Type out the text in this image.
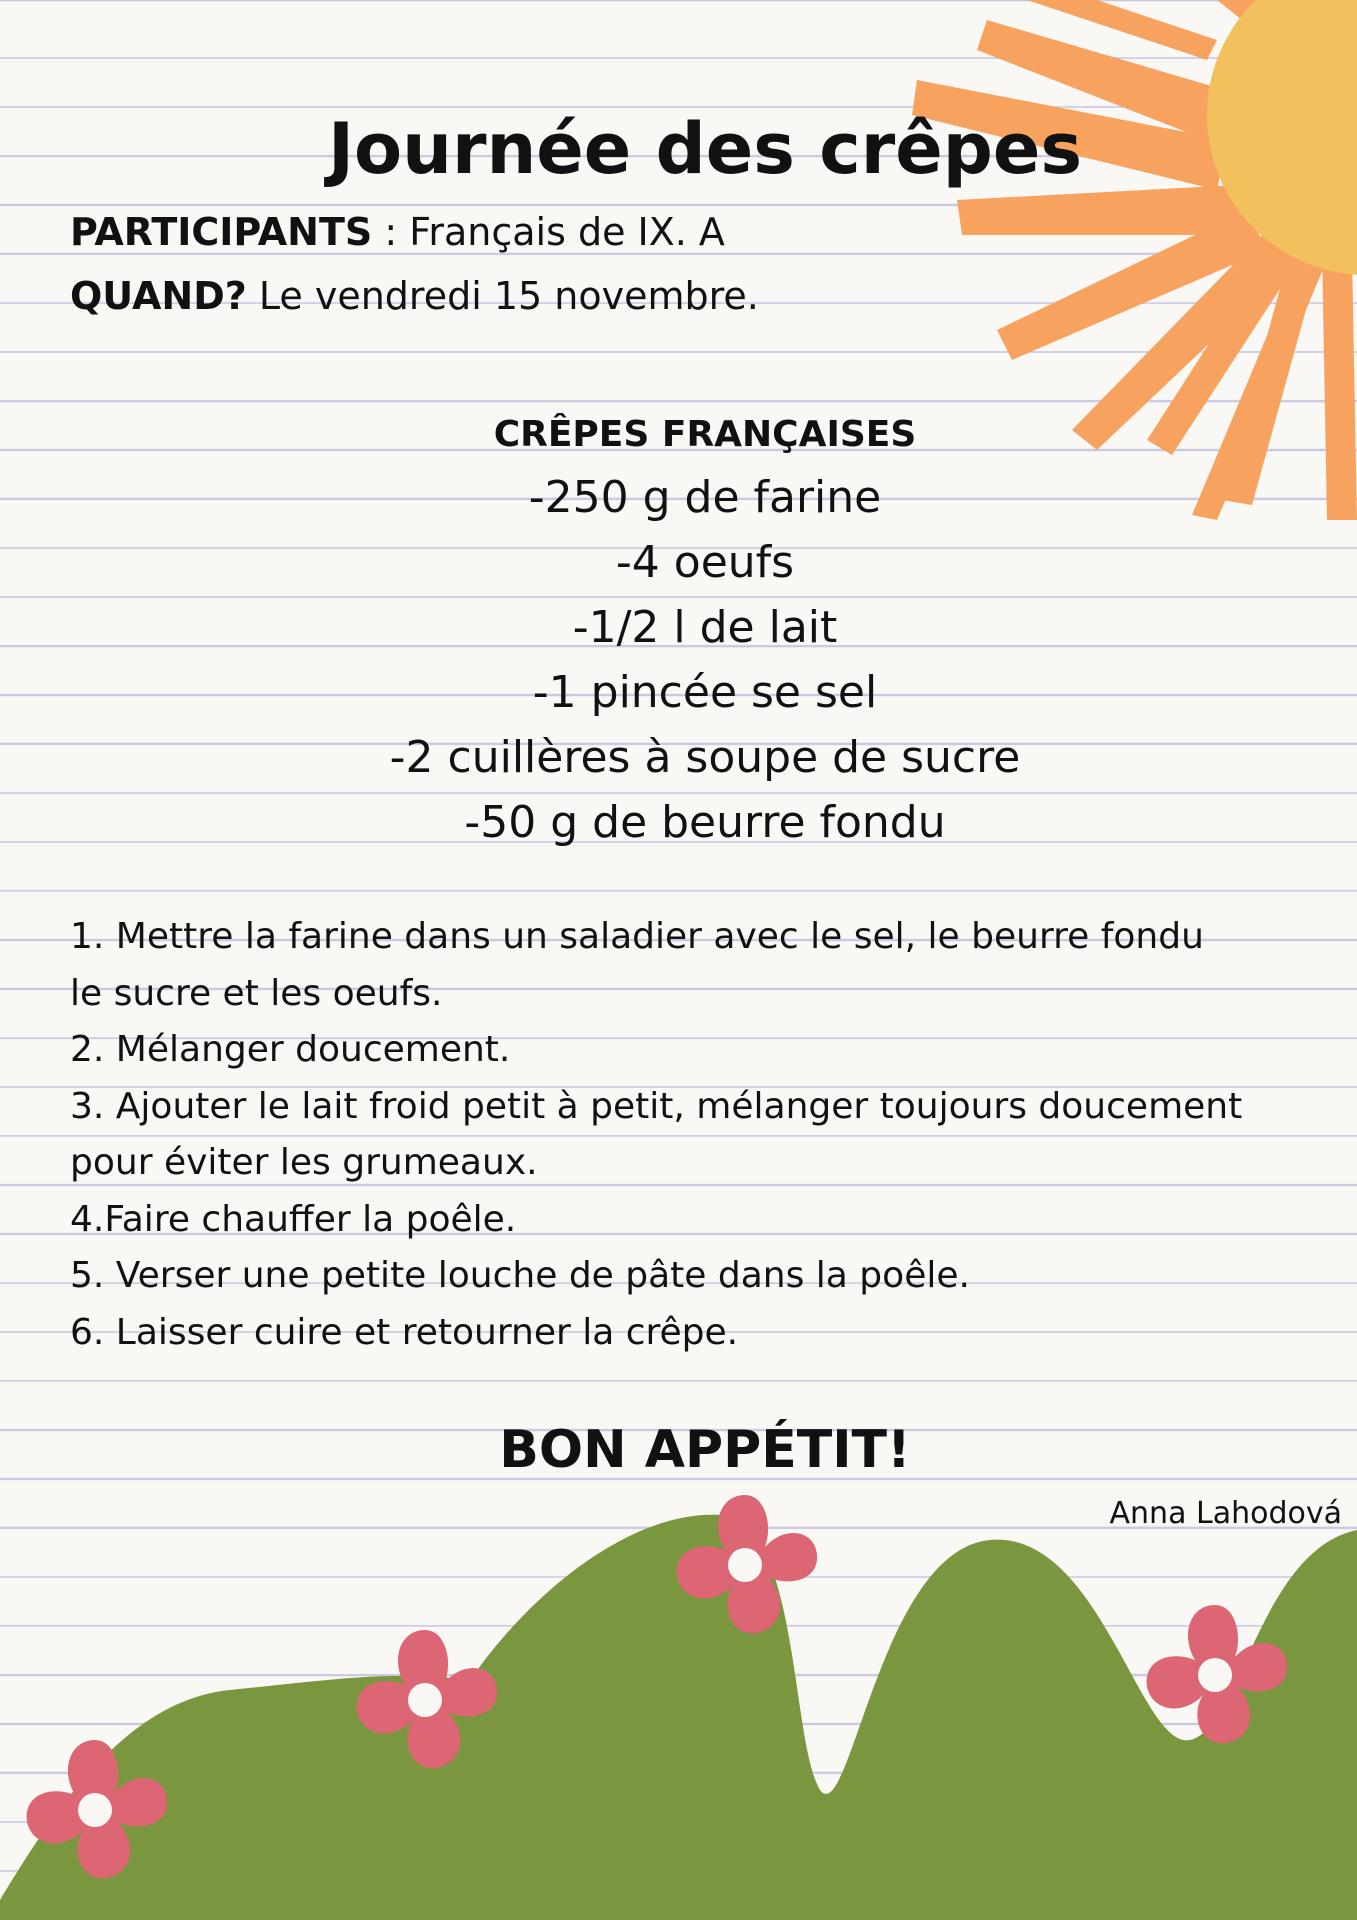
Journée des crêpes

PARTICIPANTS : Français de IX. A

QUAND? Le vendredi 15 novembre.

CRÊPES FRANÇAISES
-250 g de farine
-4 oeufs
-1/2 l de lait
-1 pincée se sel
-2 cuillères à soupe de sucre
-50 g de beurre fondu
1. Mettre la farine dans un saladier avec le sel, le beurre fondu
le sucre et les oeufs.
2. Mélanger doucement.
3. Ajouter le lait froid petit à petit, mélanger toujours doucement
pour éviter les grumeaux.
4.Faire chauffer la poêle.
5. Verser une petite louche de pâte dans la poêle.
6. Laisser cuire et retourner la crêpe.

BON APPÉTIT!

Anna Lahodová
